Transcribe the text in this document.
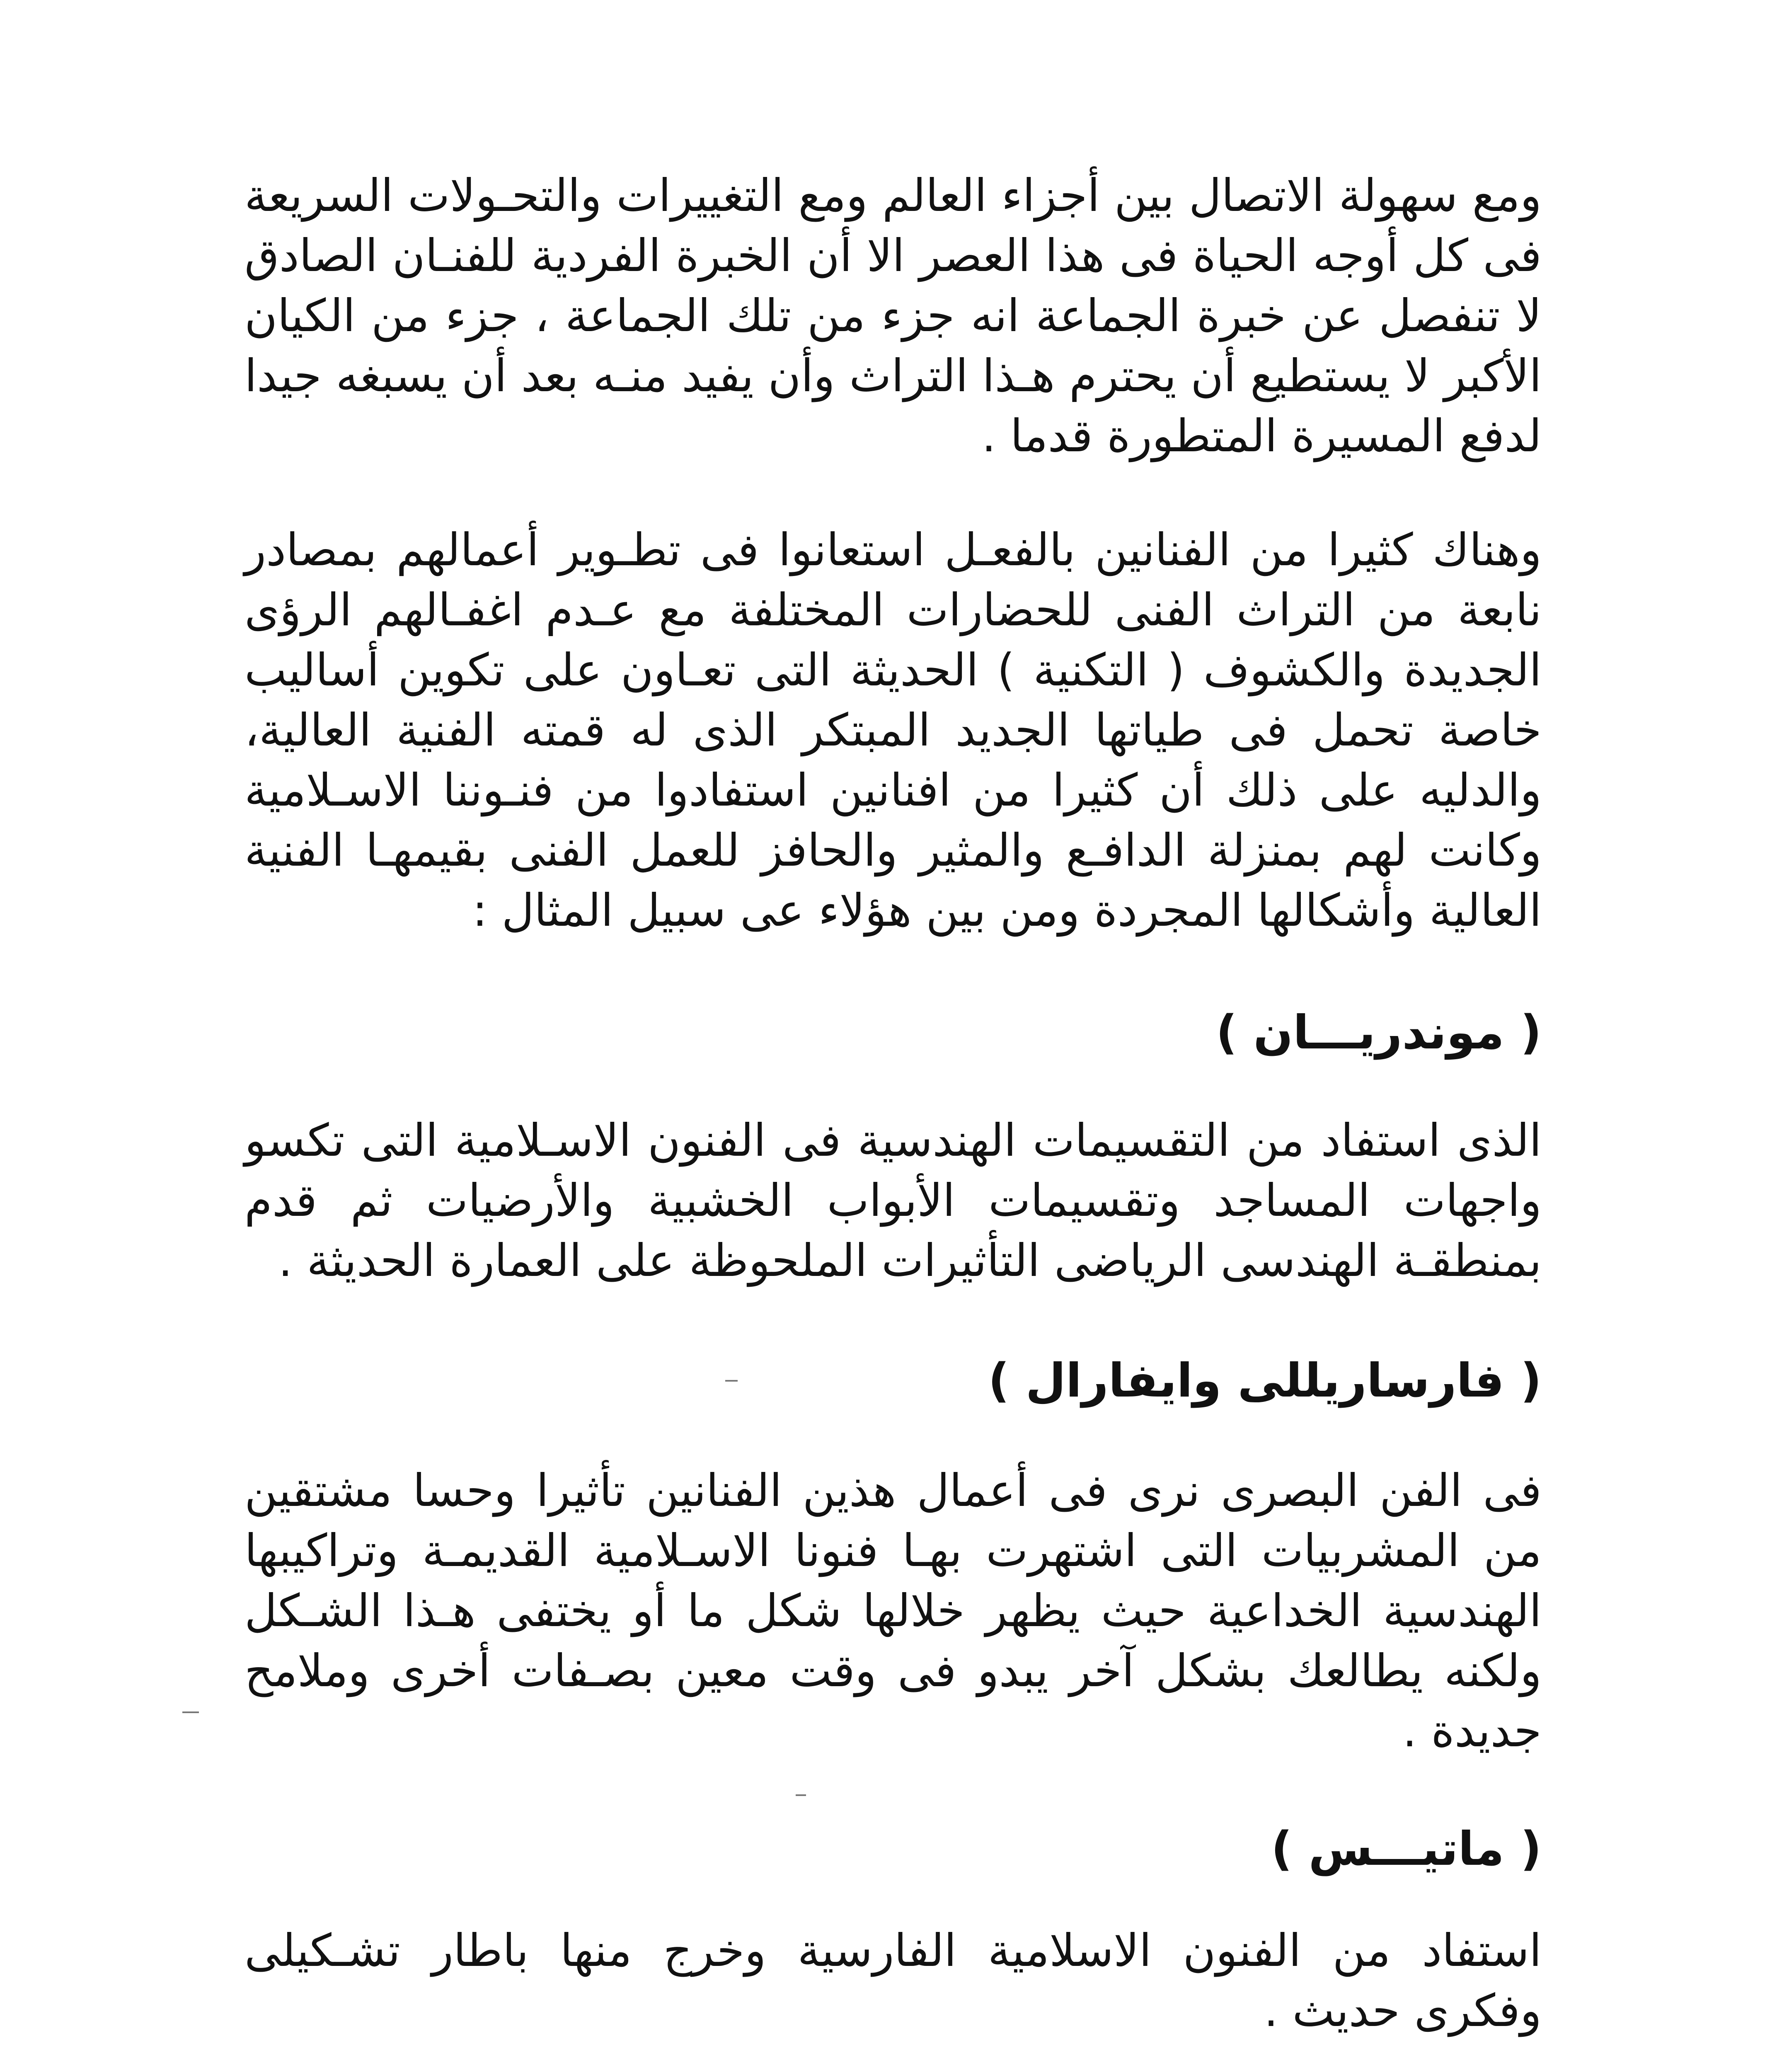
ومع سهولة الاتصال بين أجزاء العالم ومع التغييرات والتحـولات السريعة فى كل أوجه الحياة فى هذا العصر الا أن الخبرة الفردية للفنـان الصادق لا تنفصل عن خبرة الجماعة انه جزء من تلك الجماعة ، جزء من الكيان الأكبر لا يستطيع أن يحترم هـذا التراث وأن يفيد منـه بعد أن يسبغه جيدا لدفع المسيرة المتطورة قدما .

وهناك كثيرا من الفنانين بالفعـل استعانوا فى تطـوير أعمالهم بمصادر نابعة من التراث الفنى للحضارات المختلفة مع عـدم اغفـالهم الرؤى الجديدة والكشوف ( التكنية ) الحديثة التى تعـاون على تكوين أساليب خاصة تحمل فى طياتها الجديد المبتكر الذى له قمته الفنية العالية، والدليه على ذلك أن كثيرا من افنانين استفادوا من فنـوننا الاسـلامية وكانت لهم بمنزلة الدافـع والمثير والحافز للعمل الفنى بقيمهـا الفنية العالية وأشكالها المجردة ومن بين هؤلاء عى سبيل المثال :

( موندريـــان )

الذى استفاد من التقسيمات الهندسية فى الفنون الاسـلامية التى تكسو واجهات المساجد وتقسيمات الأبواب الخشبية والأرضيات ثم قدم بمنطقـة الهندسى الرياضى التأثيرات الملحوظة على العمارة الحديثة .

( فارساريللى وايفارال )

فى الفن البصرى نرى فى أعمال هذين الفنانين تأثيرا وحسا مشتقين من المشربيات التى اشتهرت بهـا فنونا الاسـلامية القديمـة وتراكيبها الهندسية الخداعية حيث يظهر خلالها شكل ما أو يختفى هـذا الشـكل ولكنه يطالعك بشكل آخر يبدو فى وقت معين بصـفات أخرى وملامح جديدة .

( ماتيـــس )

استفاد من الفنون الاسلامية الفارسية وخرج منها باطار تشـكيلى وفكرى حديث .
